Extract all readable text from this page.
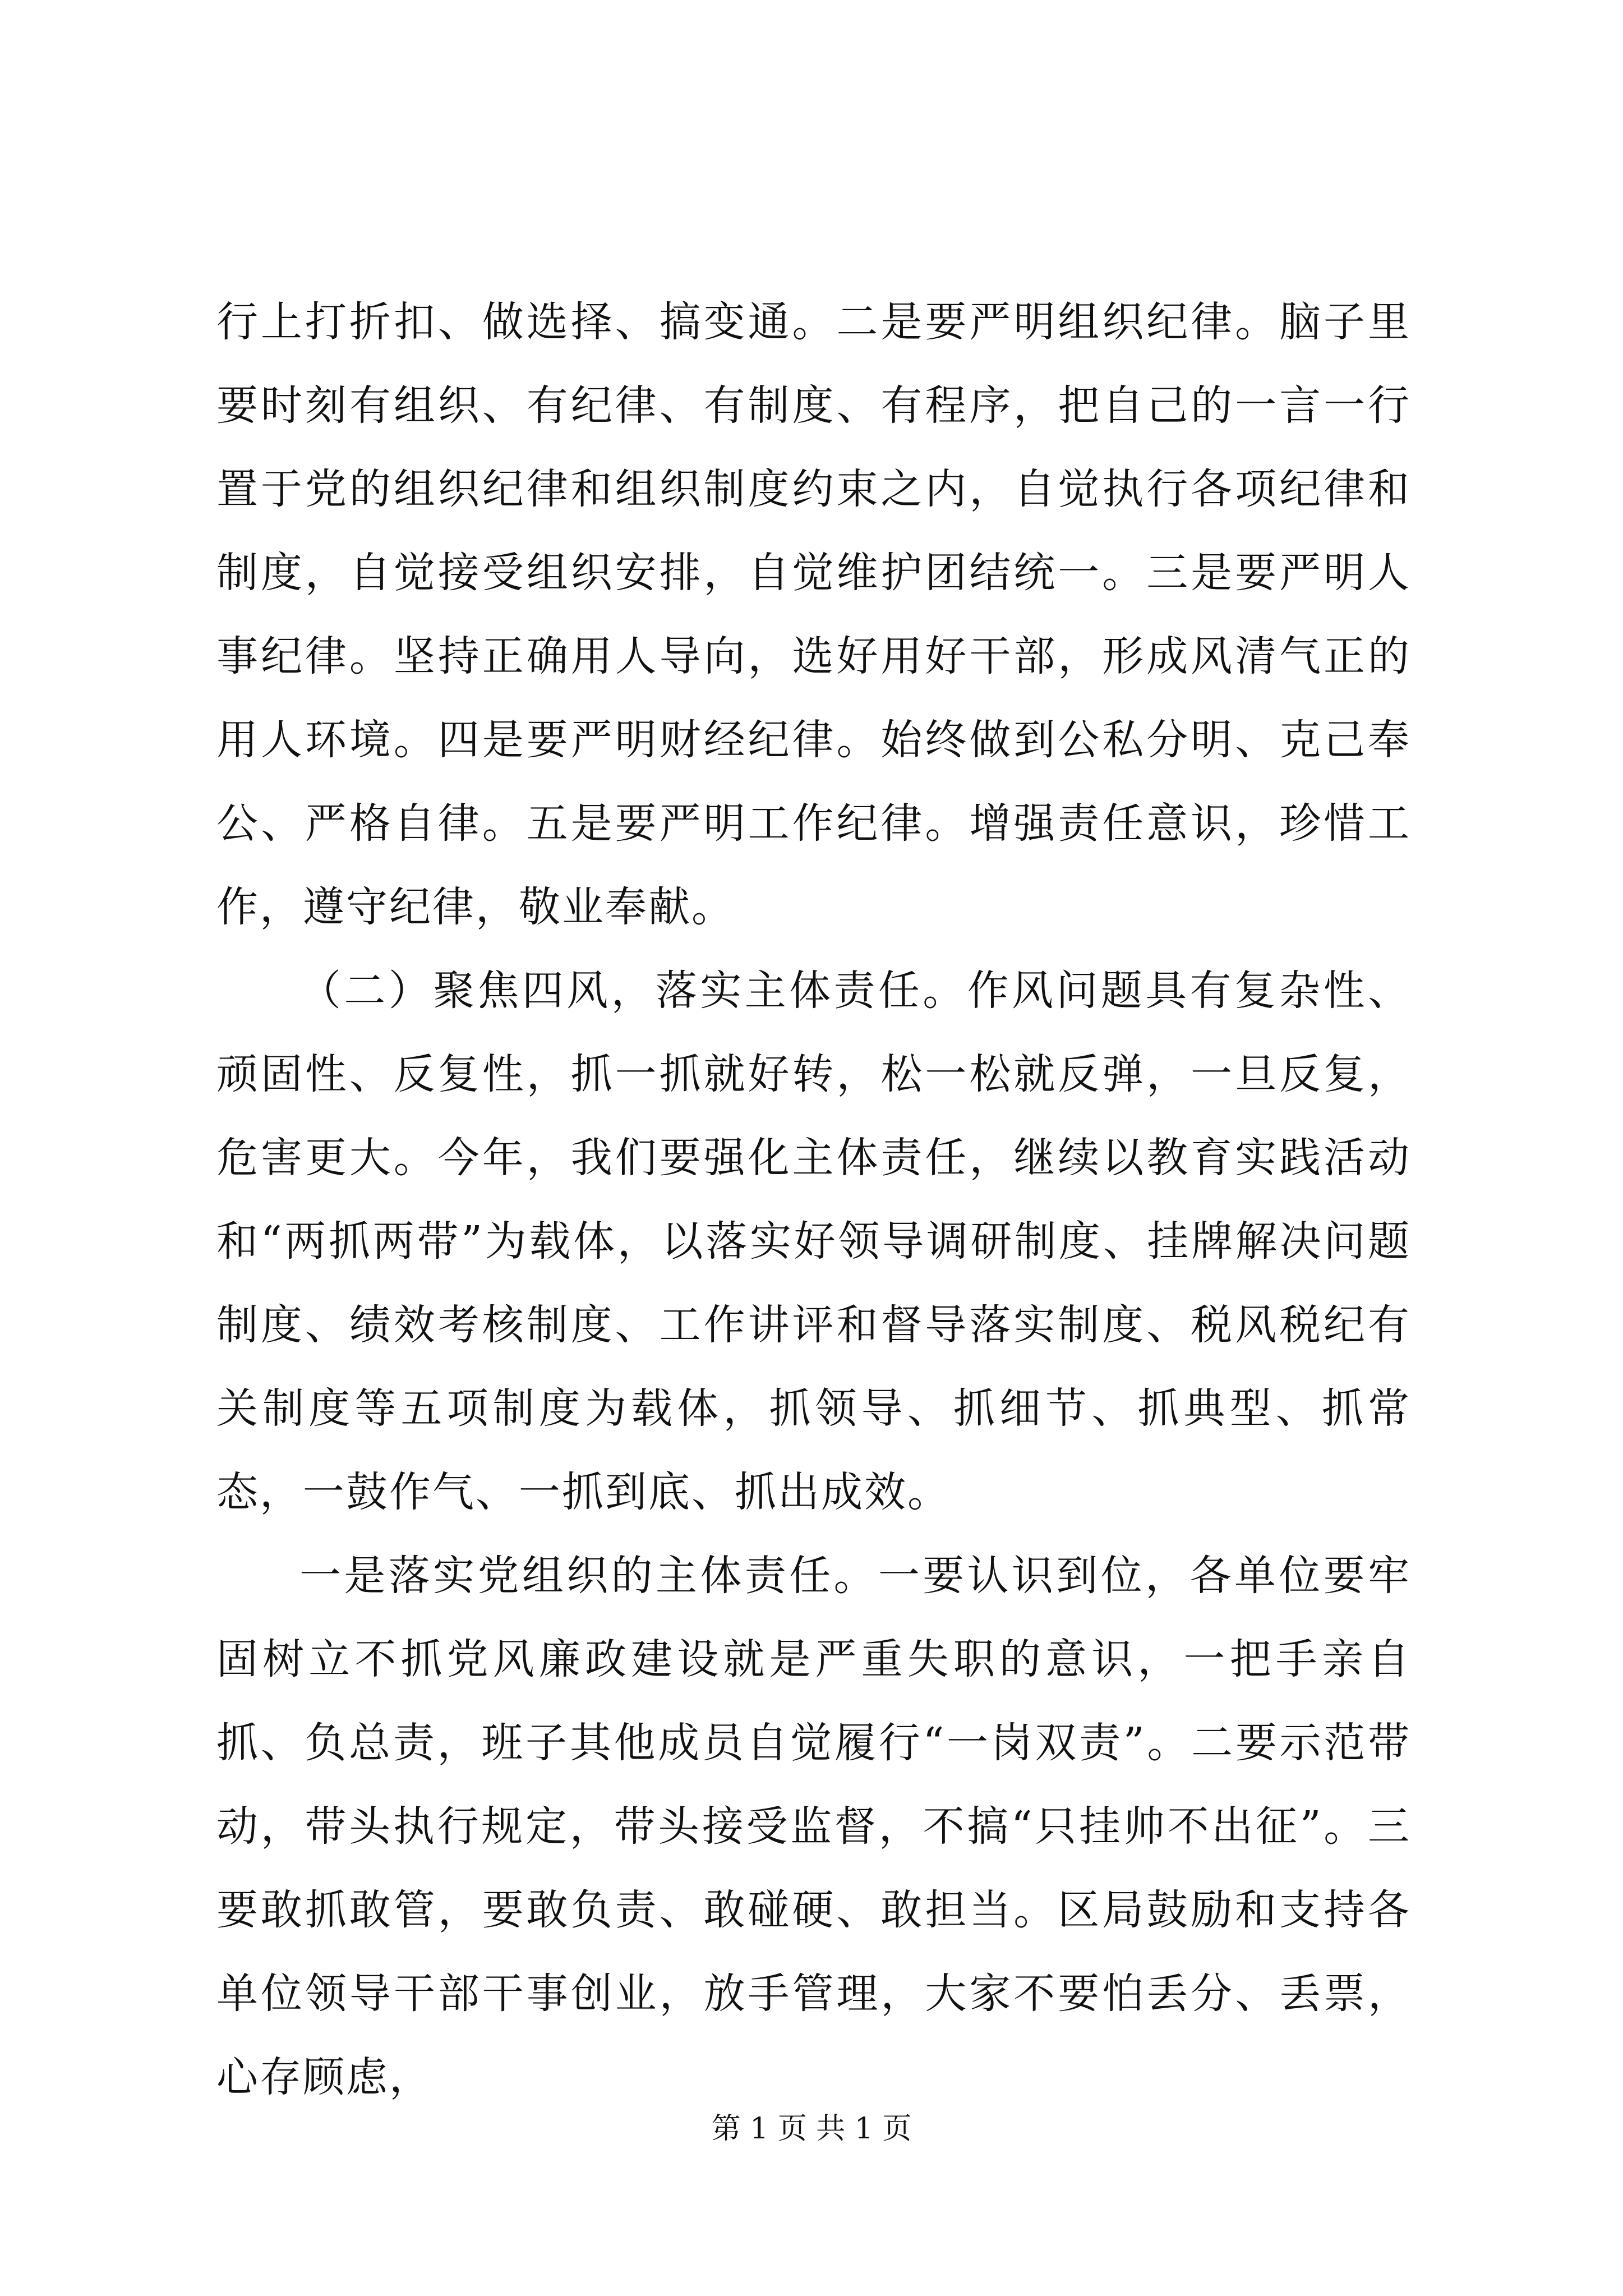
行上打折扣、做选择、搞变通。二是要严明组织纪律。脑子里要时刻有组织、有纪律、有制度、有程序，把自己的一言一行置于党的组织纪律和组织制度约束之内，自觉执行各项纪律和制度，自觉接受组织安排，自觉维护团结统一。三是要严明人事纪律。坚持正确用人导向，选好用好干部，形成风清气正的用人环境。四是要严明财经纪律。始终做到公私分明、克己奉公、严格自律。五是要严明工作纪律。增强责任意识，珍惜工作，遵守纪律，敬业奉献。

（二）聚焦四风，落实主体责任。作风问题具有复杂性、顽固性、反复性，抓一抓就好转，松一松就反弹，一旦反复，危害更大。今年，我们要强化主体责任，继续以教育实践活动和“两抓两带”为载体，以落实好领导调研制度、挂牌解决问题制度、绩效考核制度、工作讲评和督导落实制度、税风税纪有关制度等五项制度为载体，抓领导、抓细节、抓典型、抓常态，一鼓作气、一抓到底、抓出成效。

一是落实党组织的主体责任。一要认识到位，各单位要牢固树立不抓党风廉政建设就是严重失职的意识，一把手亲自抓、负总责，班子其他成员自觉履行“一岗双责”。二要示范带动，带头执行规定，带头接受监督，不搞“只挂帅不出征”。三要敢抓敢管，要敢负责、敢碰硬、敢担当。区局鼓励和支持各单位领导干部干事创业，放手管理，大家不要怕丢分、丢票，心存顾虑，

第 1 页 共 1 页
